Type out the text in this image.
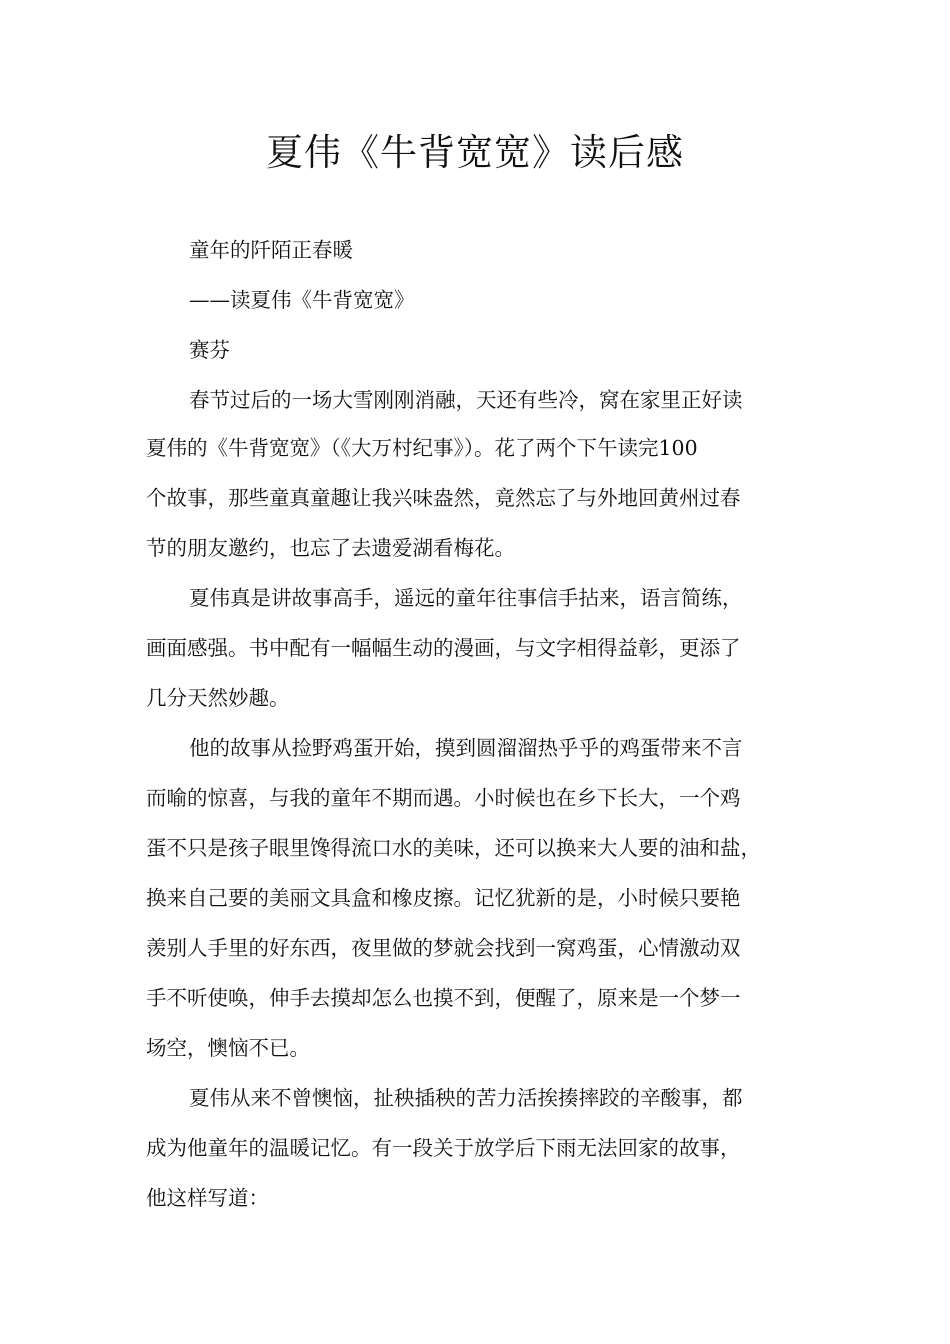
夏伟《牛背宽宽》读后感
童年的阡陌正春暖
——读夏伟《牛背宽宽》
赛芬
春节过后的一场大雪刚刚消融，天还有些冷，窝在家里正好读
夏伟的《牛背宽宽》（《大万村纪事》）。花了两个下午读完100
个故事，那些童真童趣让我兴味盎然，竟然忘了与外地回黄州过春
节的朋友邀约，也忘了去遗爱湖看梅花。
夏伟真是讲故事高手，遥远的童年往事信手拈来，语言简练，
画面感强。书中配有一幅幅生动的漫画，与文字相得益彰，更添了
几分天然妙趣。
他的故事从捡野鸡蛋开始，摸到圆溜溜热乎乎的鸡蛋带来不言
而喻的惊喜，与我的童年不期而遇。小时候也在乡下长大，一个鸡
蛋不只是孩子眼里馋得流口水的美味，还可以换来大人要的油和盐，
换来自己要的美丽文具盒和橡皮擦。记忆犹新的是，小时候只要艳
羡别人手里的好东西，夜里做的梦就会找到一窝鸡蛋，心情激动双
手不听使唤，伸手去摸却怎么也摸不到，便醒了，原来是一个梦一
场空，懊恼不已。
夏伟从来不曾懊恼，扯秧插秧的苦力活挨揍摔跤的辛酸事，都
成为他童年的温暖记忆。有一段关于放学后下雨无法回家的故事，
他这样写道：
